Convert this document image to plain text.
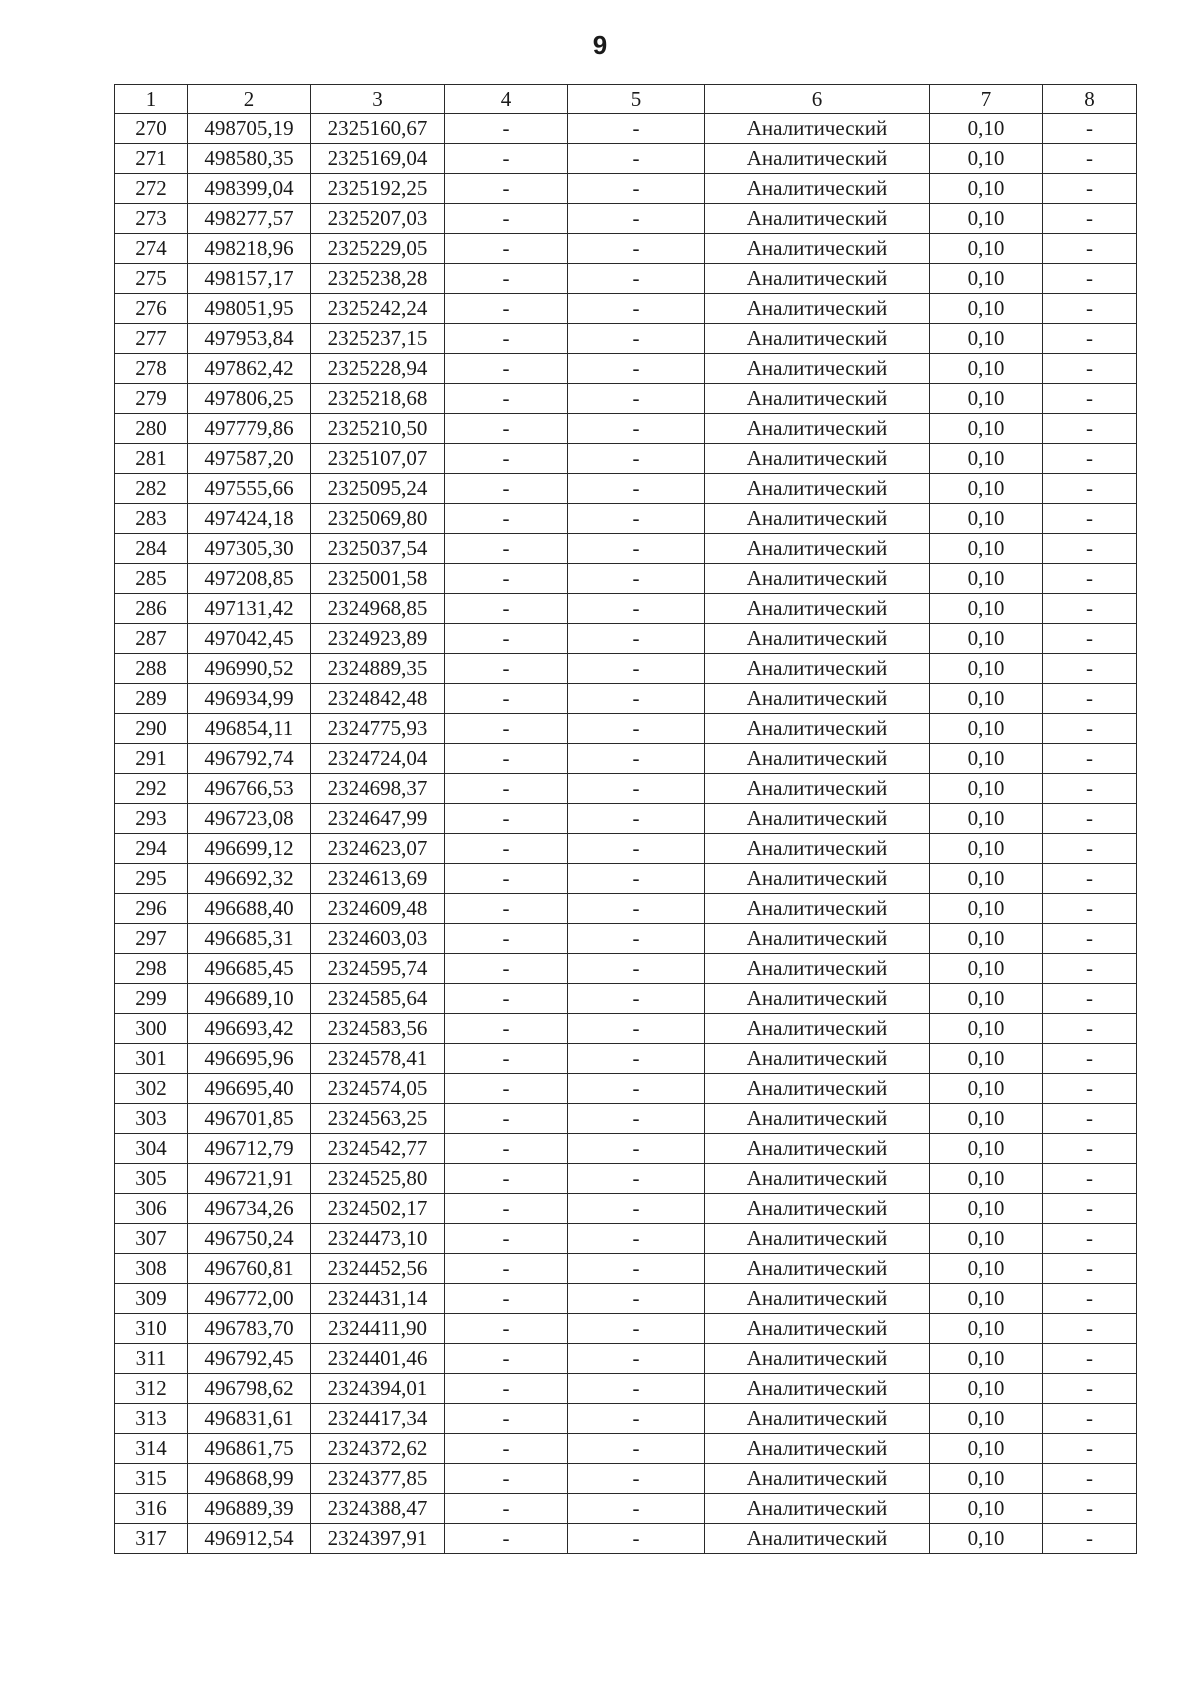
9
1	2	3	4	5	6	7	8
270	498705,19	2325160,67	-	-	Аналитический	0,10	-
271	498580,35	2325169,04	-	-	Аналитический	0,10	-
272	498399,04	2325192,25	-	-	Аналитический	0,10	-
273	498277,57	2325207,03	-	-	Аналитический	0,10	-
274	498218,96	2325229,05	-	-	Аналитический	0,10	-
275	498157,17	2325238,28	-	-	Аналитический	0,10	-
276	498051,95	2325242,24	-	-	Аналитический	0,10	-
277	497953,84	2325237,15	-	-	Аналитический	0,10	-
278	497862,42	2325228,94	-	-	Аналитический	0,10	-
279	497806,25	2325218,68	-	-	Аналитический	0,10	-
280	497779,86	2325210,50	-	-	Аналитический	0,10	-
281	497587,20	2325107,07	-	-	Аналитический	0,10	-
282	497555,66	2325095,24	-	-	Аналитический	0,10	-
283	497424,18	2325069,80	-	-	Аналитический	0,10	-
284	497305,30	2325037,54	-	-	Аналитический	0,10	-
285	497208,85	2325001,58	-	-	Аналитический	0,10	-
286	497131,42	2324968,85	-	-	Аналитический	0,10	-
287	497042,45	2324923,89	-	-	Аналитический	0,10	-
288	496990,52	2324889,35	-	-	Аналитический	0,10	-
289	496934,99	2324842,48	-	-	Аналитический	0,10	-
290	496854,11	2324775,93	-	-	Аналитический	0,10	-
291	496792,74	2324724,04	-	-	Аналитический	0,10	-
292	496766,53	2324698,37	-	-	Аналитический	0,10	-
293	496723,08	2324647,99	-	-	Аналитический	0,10	-
294	496699,12	2324623,07	-	-	Аналитический	0,10	-
295	496692,32	2324613,69	-	-	Аналитический	0,10	-
296	496688,40	2324609,48	-	-	Аналитический	0,10	-
297	496685,31	2324603,03	-	-	Аналитический	0,10	-
298	496685,45	2324595,74	-	-	Аналитический	0,10	-
299	496689,10	2324585,64	-	-	Аналитический	0,10	-
300	496693,42	2324583,56	-	-	Аналитический	0,10	-
301	496695,96	2324578,41	-	-	Аналитический	0,10	-
302	496695,40	2324574,05	-	-	Аналитический	0,10	-
303	496701,85	2324563,25	-	-	Аналитический	0,10	-
304	496712,79	2324542,77	-	-	Аналитический	0,10	-
305	496721,91	2324525,80	-	-	Аналитический	0,10	-
306	496734,26	2324502,17	-	-	Аналитический	0,10	-
307	496750,24	2324473,10	-	-	Аналитический	0,10	-
308	496760,81	2324452,56	-	-	Аналитический	0,10	-
309	496772,00	2324431,14	-	-	Аналитический	0,10	-
310	496783,70	2324411,90	-	-	Аналитический	0,10	-
311	496792,45	2324401,46	-	-	Аналитический	0,10	-
312	496798,62	2324394,01	-	-	Аналитический	0,10	-
313	496831,61	2324417,34	-	-	Аналитический	0,10	-
314	496861,75	2324372,62	-	-	Аналитический	0,10	-
315	496868,99	2324377,85	-	-	Аналитический	0,10	-
316	496889,39	2324388,47	-	-	Аналитический	0,10	-
317	496912,54	2324397,91	-	-	Аналитический	0,10	-
